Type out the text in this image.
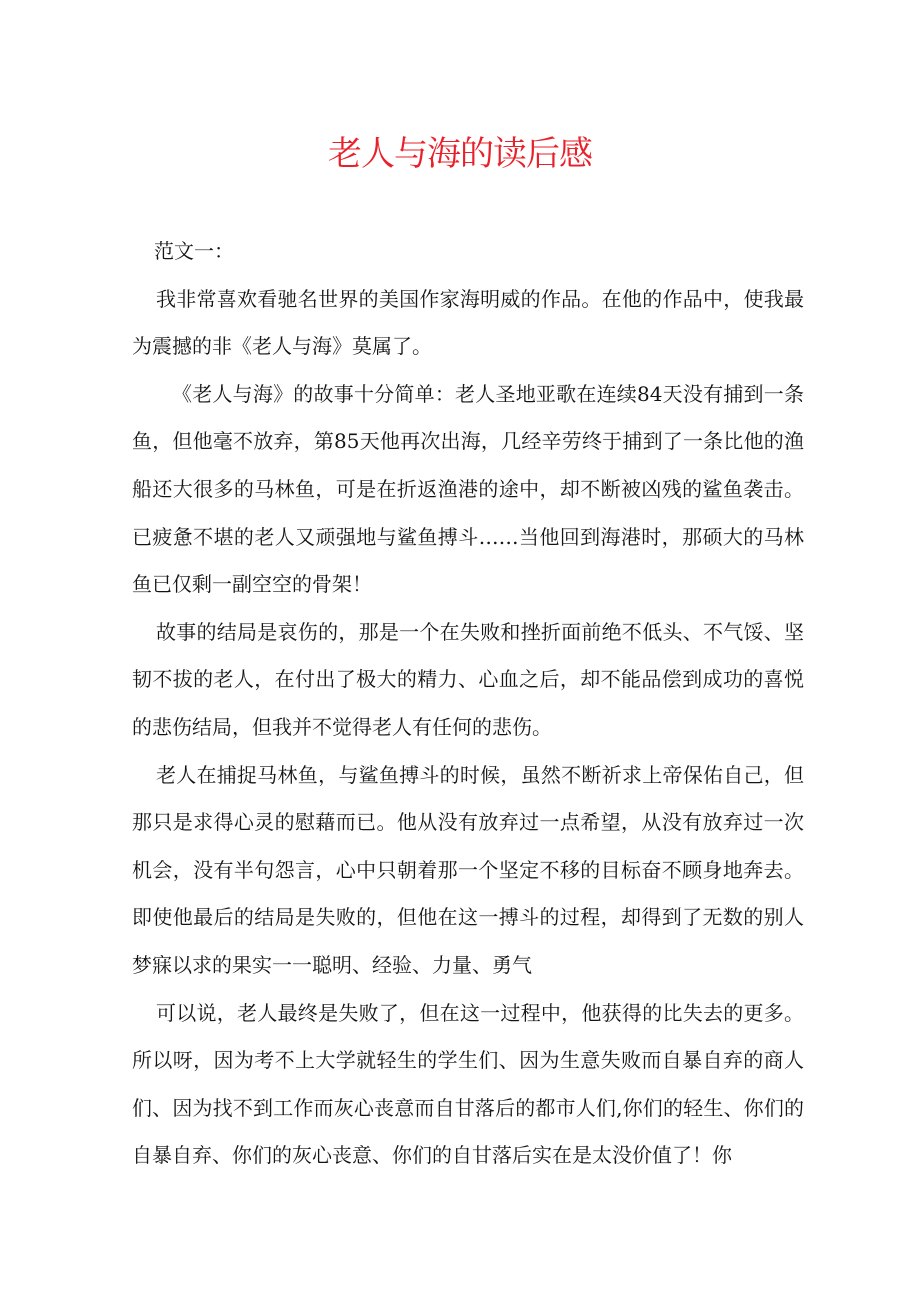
老人与海的读后感

范文一：

我非常喜欢看驰名世界的美国作家海明威的作品。在他的作品中，使我最为震撼的非《老人与海》莫属了。

《老人与海》的故事十分简单：老人圣地亚歌在连续84天没有捕到一条鱼，但他毫不放弃，第85天他再次出海，几经辛劳终于捕到了一条比他的渔船还大很多的马林鱼，可是在折返渔港的途中，却不断被凶残的鲨鱼袭击。已疲惫不堪的老人又顽强地与鲨鱼搏斗……当他回到海港时，那硕大的马林鱼已仅剩一副空空的骨架！

故事的结局是哀伤的，那是一个在失败和挫折面前绝不低头、不气馁、坚韧不拔的老人，在付出了极大的精力、心血之后，却不能品偿到成功的喜悦的悲伤结局，但我并不觉得老人有任何的悲伤。

老人在捕捉马林鱼，与鲨鱼搏斗的时候，虽然不断祈求上帝保佑自己，但那只是求得心灵的慰藉而已。他从没有放弃过一点希望，从没有放弃过一次机会，没有半句怨言，心中只朝着那一个坚定不移的目标奋不顾身地奔去。即使他最后的结局是失败的，但他在这一搏斗的过程，却得到了无数的别人梦寐以求的果实一一聪明、经验、力量、勇气

可以说，老人最终是失败了，但在这一过程中，他获得的比失去的更多。所以呀，因为考不上大学就轻生的学生们、因为生意失败而自暴自弃的商人们、因为找不到工作而灰心丧意而自甘落后的都市人们,你们的轻生、你们的自暴自弃、你们的灰心丧意、你们的自甘落后实在是太没价值了！你
